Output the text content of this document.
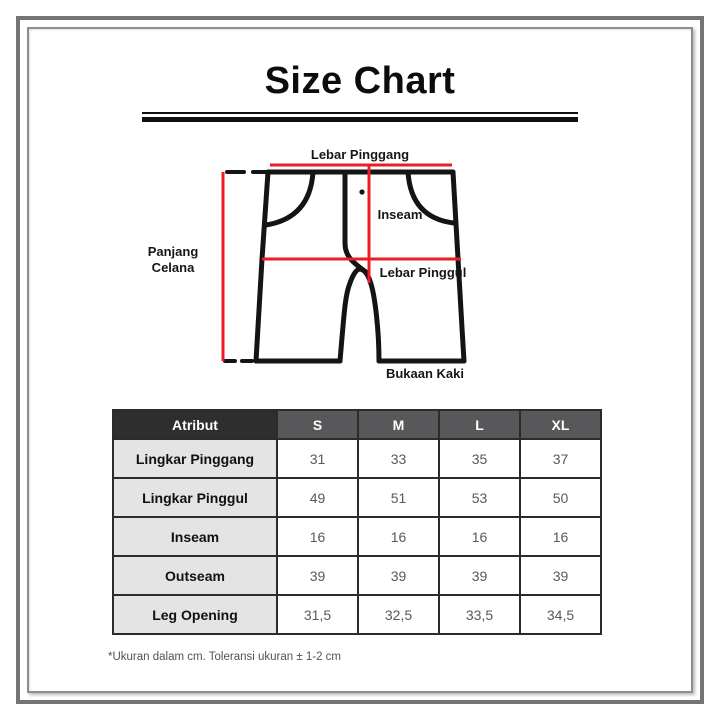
Size Chart
Lebar Pinggang
Panjang
Celana
Inseam
Lebar Pinggul
Bukaan Kaki
Atribut	S	M	L	XL
Lingkar Pinggang	31	33	35	37
Lingkar Pinggul	49	51	53	50
Inseam	16	16	16	16
Outseam	39	39	39	39
Leg Opening	31,5	32,5	33,5	34,5
*Ukuran dalam cm. Toleransi ukuran ± 1-2 cm
